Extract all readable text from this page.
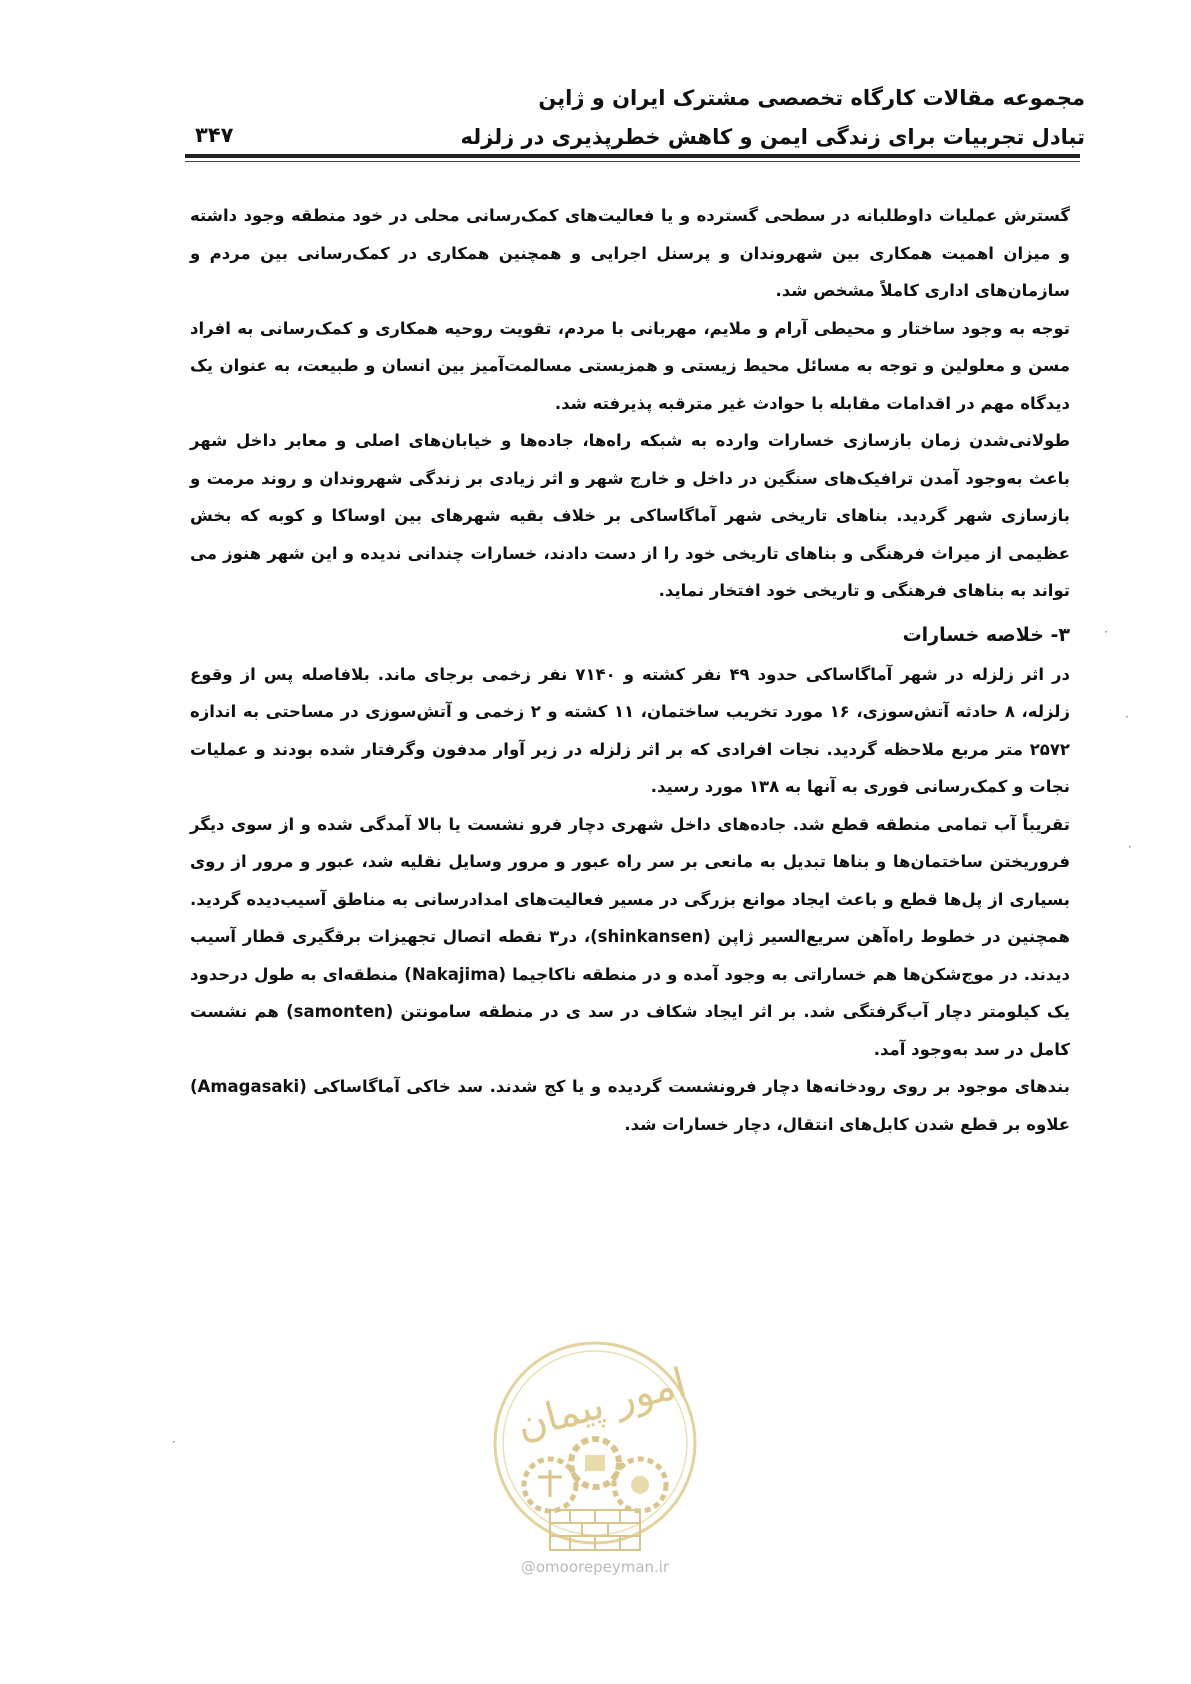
مجموعه مقالات کارگاه تخصصی مشترک ایران و ژاپن
تبادل تجربیات برای زندگی ایمن و کاهش خطرپذیری در زلزله
۳۴۷

گسترش عملیات داوطلبانه در سطحی گسترده و یا فعالیت‌های کمک‌رسانی محلی در خود منطقه وجود داشته و میزان اهمیت همکاری بین شهروندان و پرسنل اجرایی و همچنین همکاری در کمک‌رسانی بین مردم و سازمان‌های اداری کاملاً مشخص شد.

توجه به وجود ساختار و محیطی آرام و ملایم، مهربانی با مردم، تقویت روحیه همکاری و کمک‌رسانی به افراد مسن و معلولین و توجه به مسائل محیط زیستی و همزیستی مسالمت‌آمیز بین انسان و طبیعت، به عنوان یک دیدگاه مهم در اقدامات مقابله با حوادث غیر مترقبه پذیرفته شد.

طولانی‌شدن زمان بازسازی خسارات وارده به شبکه راه‌ها، جاده‌ها و خیابان‌های اصلی و معابر داخل شهر باعث به‌وجود آمدن ترافیک‌های سنگین در داخل و خارج شهر و اثر زیادی بر زندگی شهروندان و روند مرمت و بازسازی شهر گردید. بناهای تاریخی شهر آماگاساکی بر خلاف بقیه شهرهای بین اوساکا و کوبه که بخش عظیمی از میراث فرهنگی و بناهای تاریخی خود را از دست دادند، خسارات چندانی ندیده و این شهر هنوز می تواند به بناهای فرهنگی و تاریخی خود افتخار نماید.

۳- خلاصه خسارات

در اثر زلزله در شهر آماگاساکی حدود ۴۹ نفر کشته و ۷۱۴۰ نفر زخمی برجای ماند. بلافاصله پس از وقوع زلزله، ۸ حادثه آتش‌سوزی، ۱۶ مورد تخریب ساختمان، ۱۱ کشته و ۲ زخمی و آتش‌سوزی در مساحتی به اندازه ۲۵۷۲ متر مربع ملاحظه گردید. نجات افرادی که بر اثر زلزله در زیر آوار مدفون وگرفتار شده بودند و عملیات نجات و کمک‌رسانی فوری به آنها به ۱۳۸ مورد رسید.

تقریباً آب تمامی منطقه قطع شد. جاده‌های داخل شهری دچار فرو نشست یا بالا آمدگی شده و از سوی دیگر فروریختن ساختمان‌ها و بناها تبدیل به مانعی بر سر راه عبور و مرور وسایل نقلیه شد، عبور و مرور از روی بسیاری از پل‌ها قطع و باعث ایجاد موانع بزرگی در مسیر فعالیت‌های امدادرسانی به مناطق آسیب‌دیده گردید. همچنین در خطوط راه‌آهن سریع‌السیر ژاپن (shinkansen)، در۳ نقطه اتصال تجهیزات برقگیری قطار آسیب دیدند. در موج‌شکن‌ها هم خساراتی به وجود آمده و در منطقه ناکاجیما (Nakajima) منطقه‌ای به طول درحدود یک کیلومتر دچار آب‌گرفتگی شد. بر اثر ایجاد شکاف در سد ی در منطقه سامونتن (samonten) هم نشست کامل در سد به‌وجود آمد.

بندهای موجود بر روی رودخانه‌ها دچار فرونشست گردیده و یا کج شدند. سد خاکی آماگاساکی (Amagasaki) علاوه بر قطع شدن کابل‌های انتقال، دچار خسارات شد.

امور پیمان
@omoorepeyman.ir
·
·
·
·
